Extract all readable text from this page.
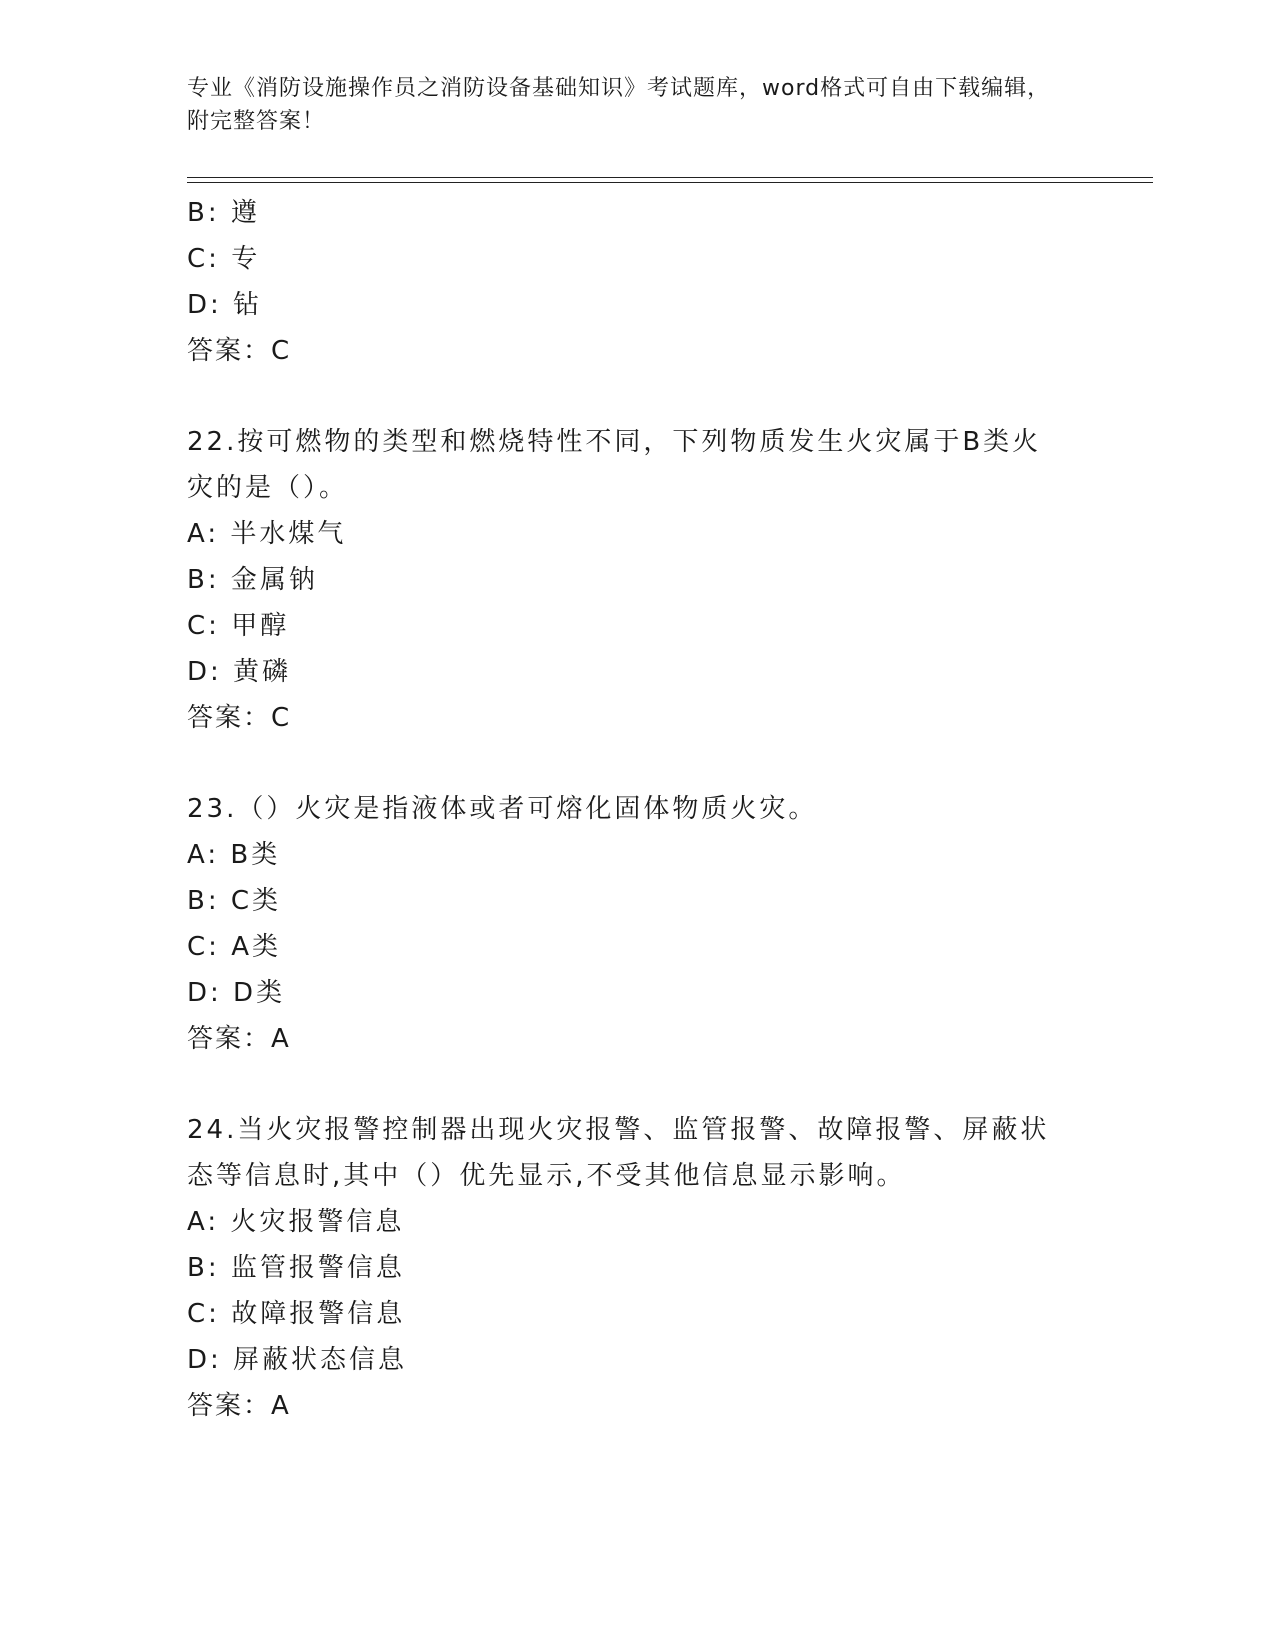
专业《消防设施操作员之消防设备基础知识》考试题库，word格式可自由下载编辑，附完整答案！
B: 遵
C: 专
D: 钻
答案：C
22.按可燃物的类型和燃烧特性不同，下列物质发生火灾属于B类火灾的是（）。
A: 半水煤气
B: 金属钠
C: 甲醇
D: 黄磷
答案：C
23.（）火灾是指液体或者可熔化固体物质火灾。
A: B类
B: C类
C: A类
D: D类
答案：A
24.当火灾报警控制器出现火灾报警、监管报警、故障报警、屏蔽状态等信息时,其中（）优先显示,不受其他信息显示影响。
A: 火灾报警信息
B: 监管报警信息
C: 故障报警信息
D: 屏蔽状态信息
答案：A
